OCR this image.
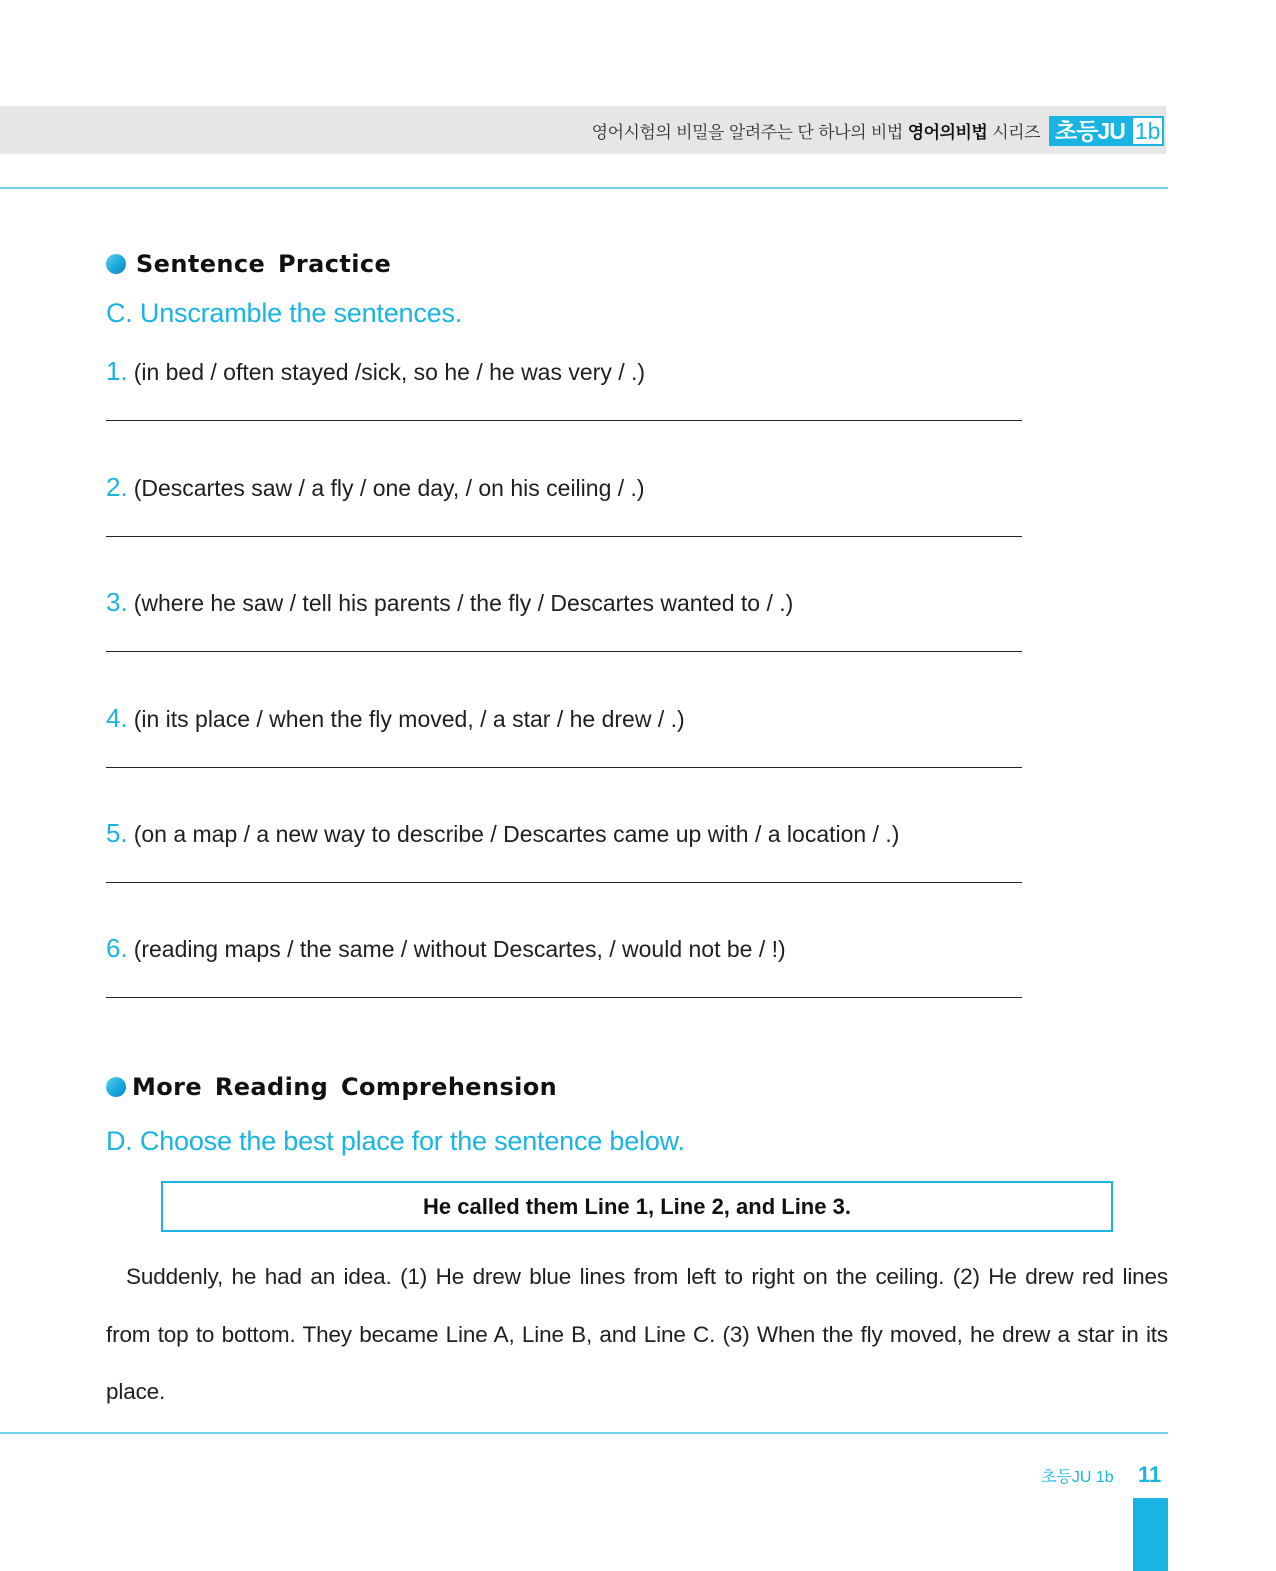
영어시험의 비밀을 알려주는 단 하나의 비법 영어의비법 시리즈 초등JU 1b
Sentence Practice
C. Unscramble the sentences.
1. (in bed / often stayed /sick, so he / he was very / .)
2. (Descartes saw / a fly / one day, / on his ceiling / .)
3. (where he saw / tell his parents / the fly / Descartes wanted to / .)
4. (in its place / when the fly moved, / a star / he drew / .)
5. (on a map / a new way to describe / Descartes came up with / a location / .)
6. (reading maps / the same / without Descartes, / would not be / !)
More Reading Comprehension
D. Choose the best place for the sentence below.
He called them Line 1, Line 2, and Line 3.
Suddenly, he had an idea. (1) He drew blue lines from left to right on the ceiling. (2) He drew red lines from top to bottom. They became Line A, Line B, and Line C. (3) When the fly moved, he drew a star in its place.
초등JU 1b 11
